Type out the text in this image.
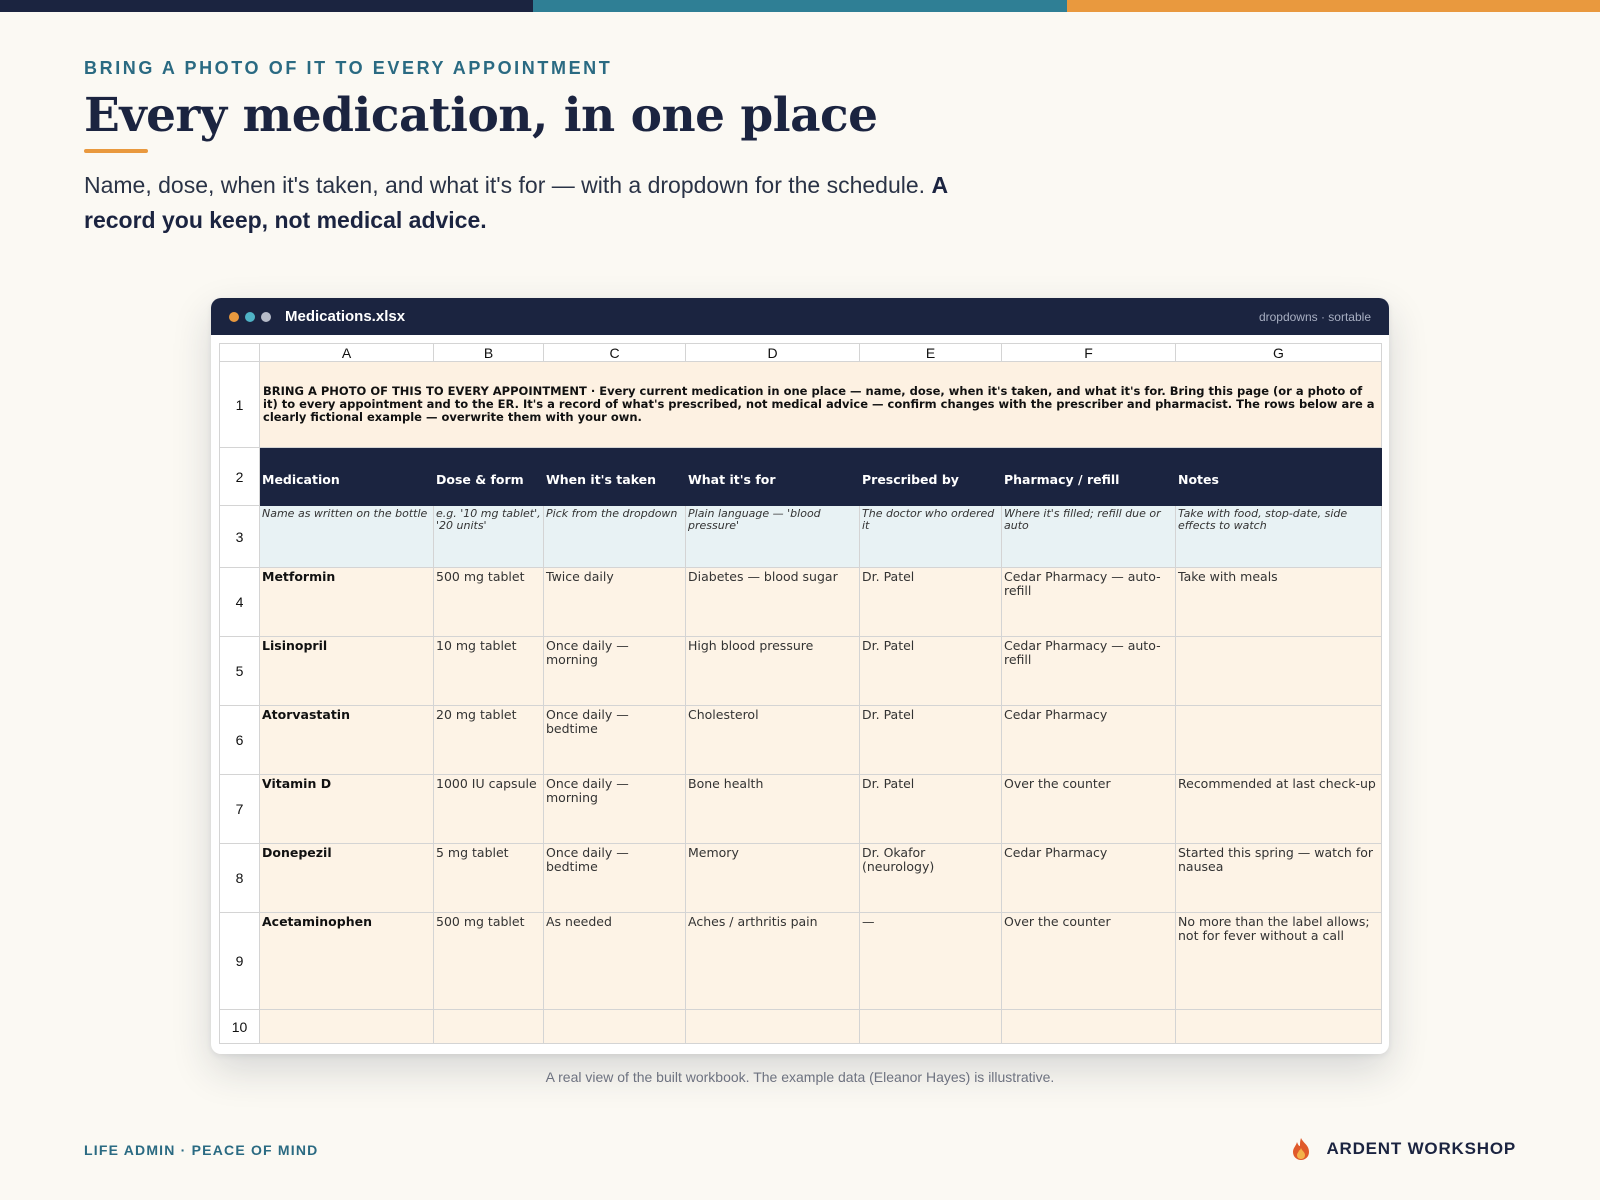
BRING A PHOTO OF IT TO EVERY APPOINTMENT
Every medication, in one place

Name, dose, when it's taken, and what it's for — with a dropdown for the schedule. A record you keep, not medical advice.

Medications.xlsx	dropdowns · sortable
	A	B	C	D	E	F	G
1	BRING A PHOTO OF THIS TO EVERY APPOINTMENT · Every current medication in one place — name, dose, when it's taken, and what it's for. Bring this page (or a photo of it) to every appointment and to the ER. It's a record of what's prescribed, not medical advice — confirm changes with the prescriber and pharmacist. The rows below are a clearly fictional example — overwrite them with your own.						
2	Medication	Dose & form	When it's taken	What it's for	Prescribed by	Pharmacy / refill	Notes
3	Name as written on the bottle	e.g. '10 mg tablet', '20 units'	Pick from the dropdown	Plain language — 'blood pressure'	The doctor who ordered it	Where it's filled; refill due or auto	Take with food, stop-date, side effects to watch
4	Metformin	500 mg tablet	Twice daily	Diabetes — blood sugar	Dr. Patel	Cedar Pharmacy — auto-refill	Take with meals
5	Lisinopril	10 mg tablet	Once daily — morning	High blood pressure	Dr. Patel	Cedar Pharmacy — auto-refill	
6	Atorvastatin	20 mg tablet	Once daily — bedtime	Cholesterol	Dr. Patel	Cedar Pharmacy	
7	Vitamin D	1000 IU capsule	Once daily — morning	Bone health	Dr. Patel	Over the counter	Recommended at last check-up
8	Donepezil	5 mg tablet	Once daily — bedtime	Memory	Dr. Okafor (neurology)	Cedar Pharmacy	Started this spring — watch for nausea
9	Acetaminophen	500 mg tablet	As needed	Aches / arthritis pain	—	Over the counter	No more than the label allows; not for fever without a call
10							
A real view of the built workbook. The example data (Eleanor Hayes) is illustrative.
LIFE ADMIN · PEACE OF MIND	ARDENT WORKSHOP
